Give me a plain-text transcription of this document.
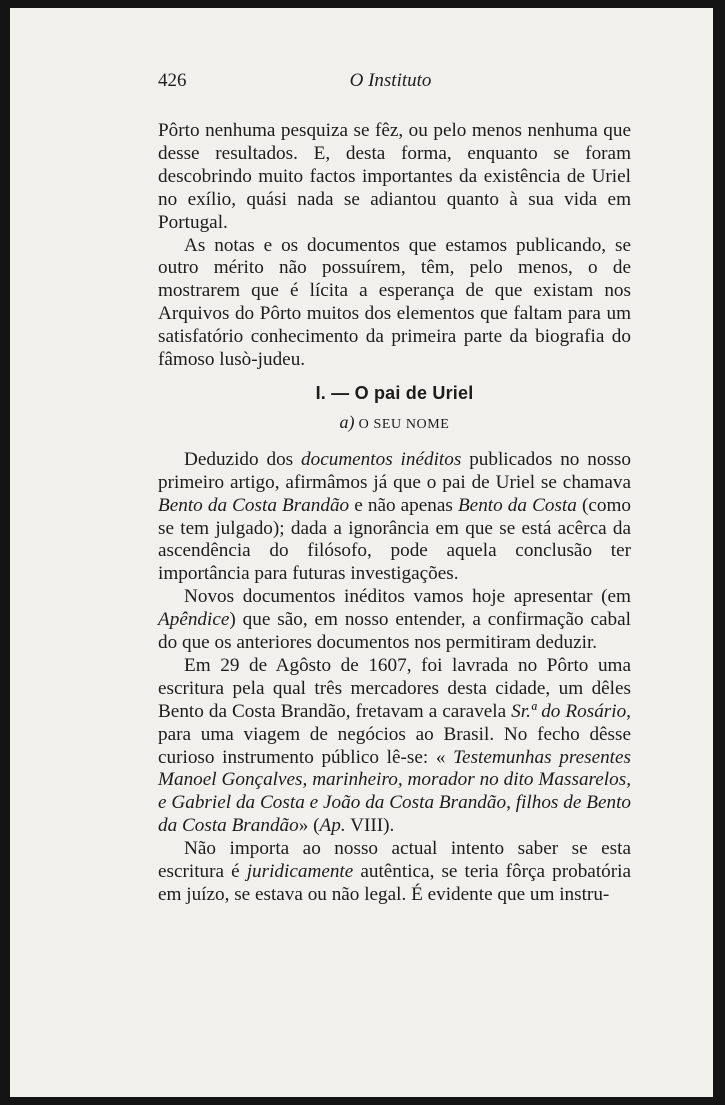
426	O Instituto

Pôrto nenhuma pesquiza se fêz, ou pelo menos nenhuma que desse resultados. E, desta forma, enquanto se foram descobrindo muito factos importantes da existência de Uriel no exílio, quási nada se adiantou quanto à sua vida em Portugal.

As notas e os documentos que estamos publicando, se outro mérito não possuírem, têm, pelo menos, o de mostrarem que é lícita a esperança de que existam nos Arquivos do Pôrto muitos dos elementos que faltam para um satisfatório conhecimento da primeira parte da biografia do fâmoso lusò-judeu.

I. — O pai de Uriel
a) O SEU NOME

Deduzido dos documentos inéditos publicados no nosso primeiro artigo, afirmâmos já que o pai de Uriel se chamava Bento da Costa Brandão e não apenas Bento da Costa (como se tem julgado); dada a ignorância em que se está acêrca da ascendência do filósofo, pode aquela conclusão ter importância para futuras investigações.

Novos documentos inéditos vamos hoje apresentar (em Apêndice) que são, em nosso entender, a confirmação cabal do que os anteriores documentos nos permitiram deduzir.

Em 29 de Agôsto de 1607, foi lavrada no Pôrto uma escritura pela qual três mercadores desta cidade, um dêles Bento da Costa Brandão, fretavam a caravela Sr.ª do Rosário, para uma viagem de negócios ao Brasil. No fecho dêsse curioso instrumento público lê-se: « Testemunhas presentes Manoel Gonçalves, marinheiro, morador no dito Massarelos, e Gabriel da Costa e João da Costa Brandão, filhos de Bento da Costa Brandão» (Ap. VIII).

Não importa ao nosso actual intento saber se esta escritura é juridicamente autêntica, se teria fôrça probatória em juízo, se estava ou não legal. É evidente que um instru-
